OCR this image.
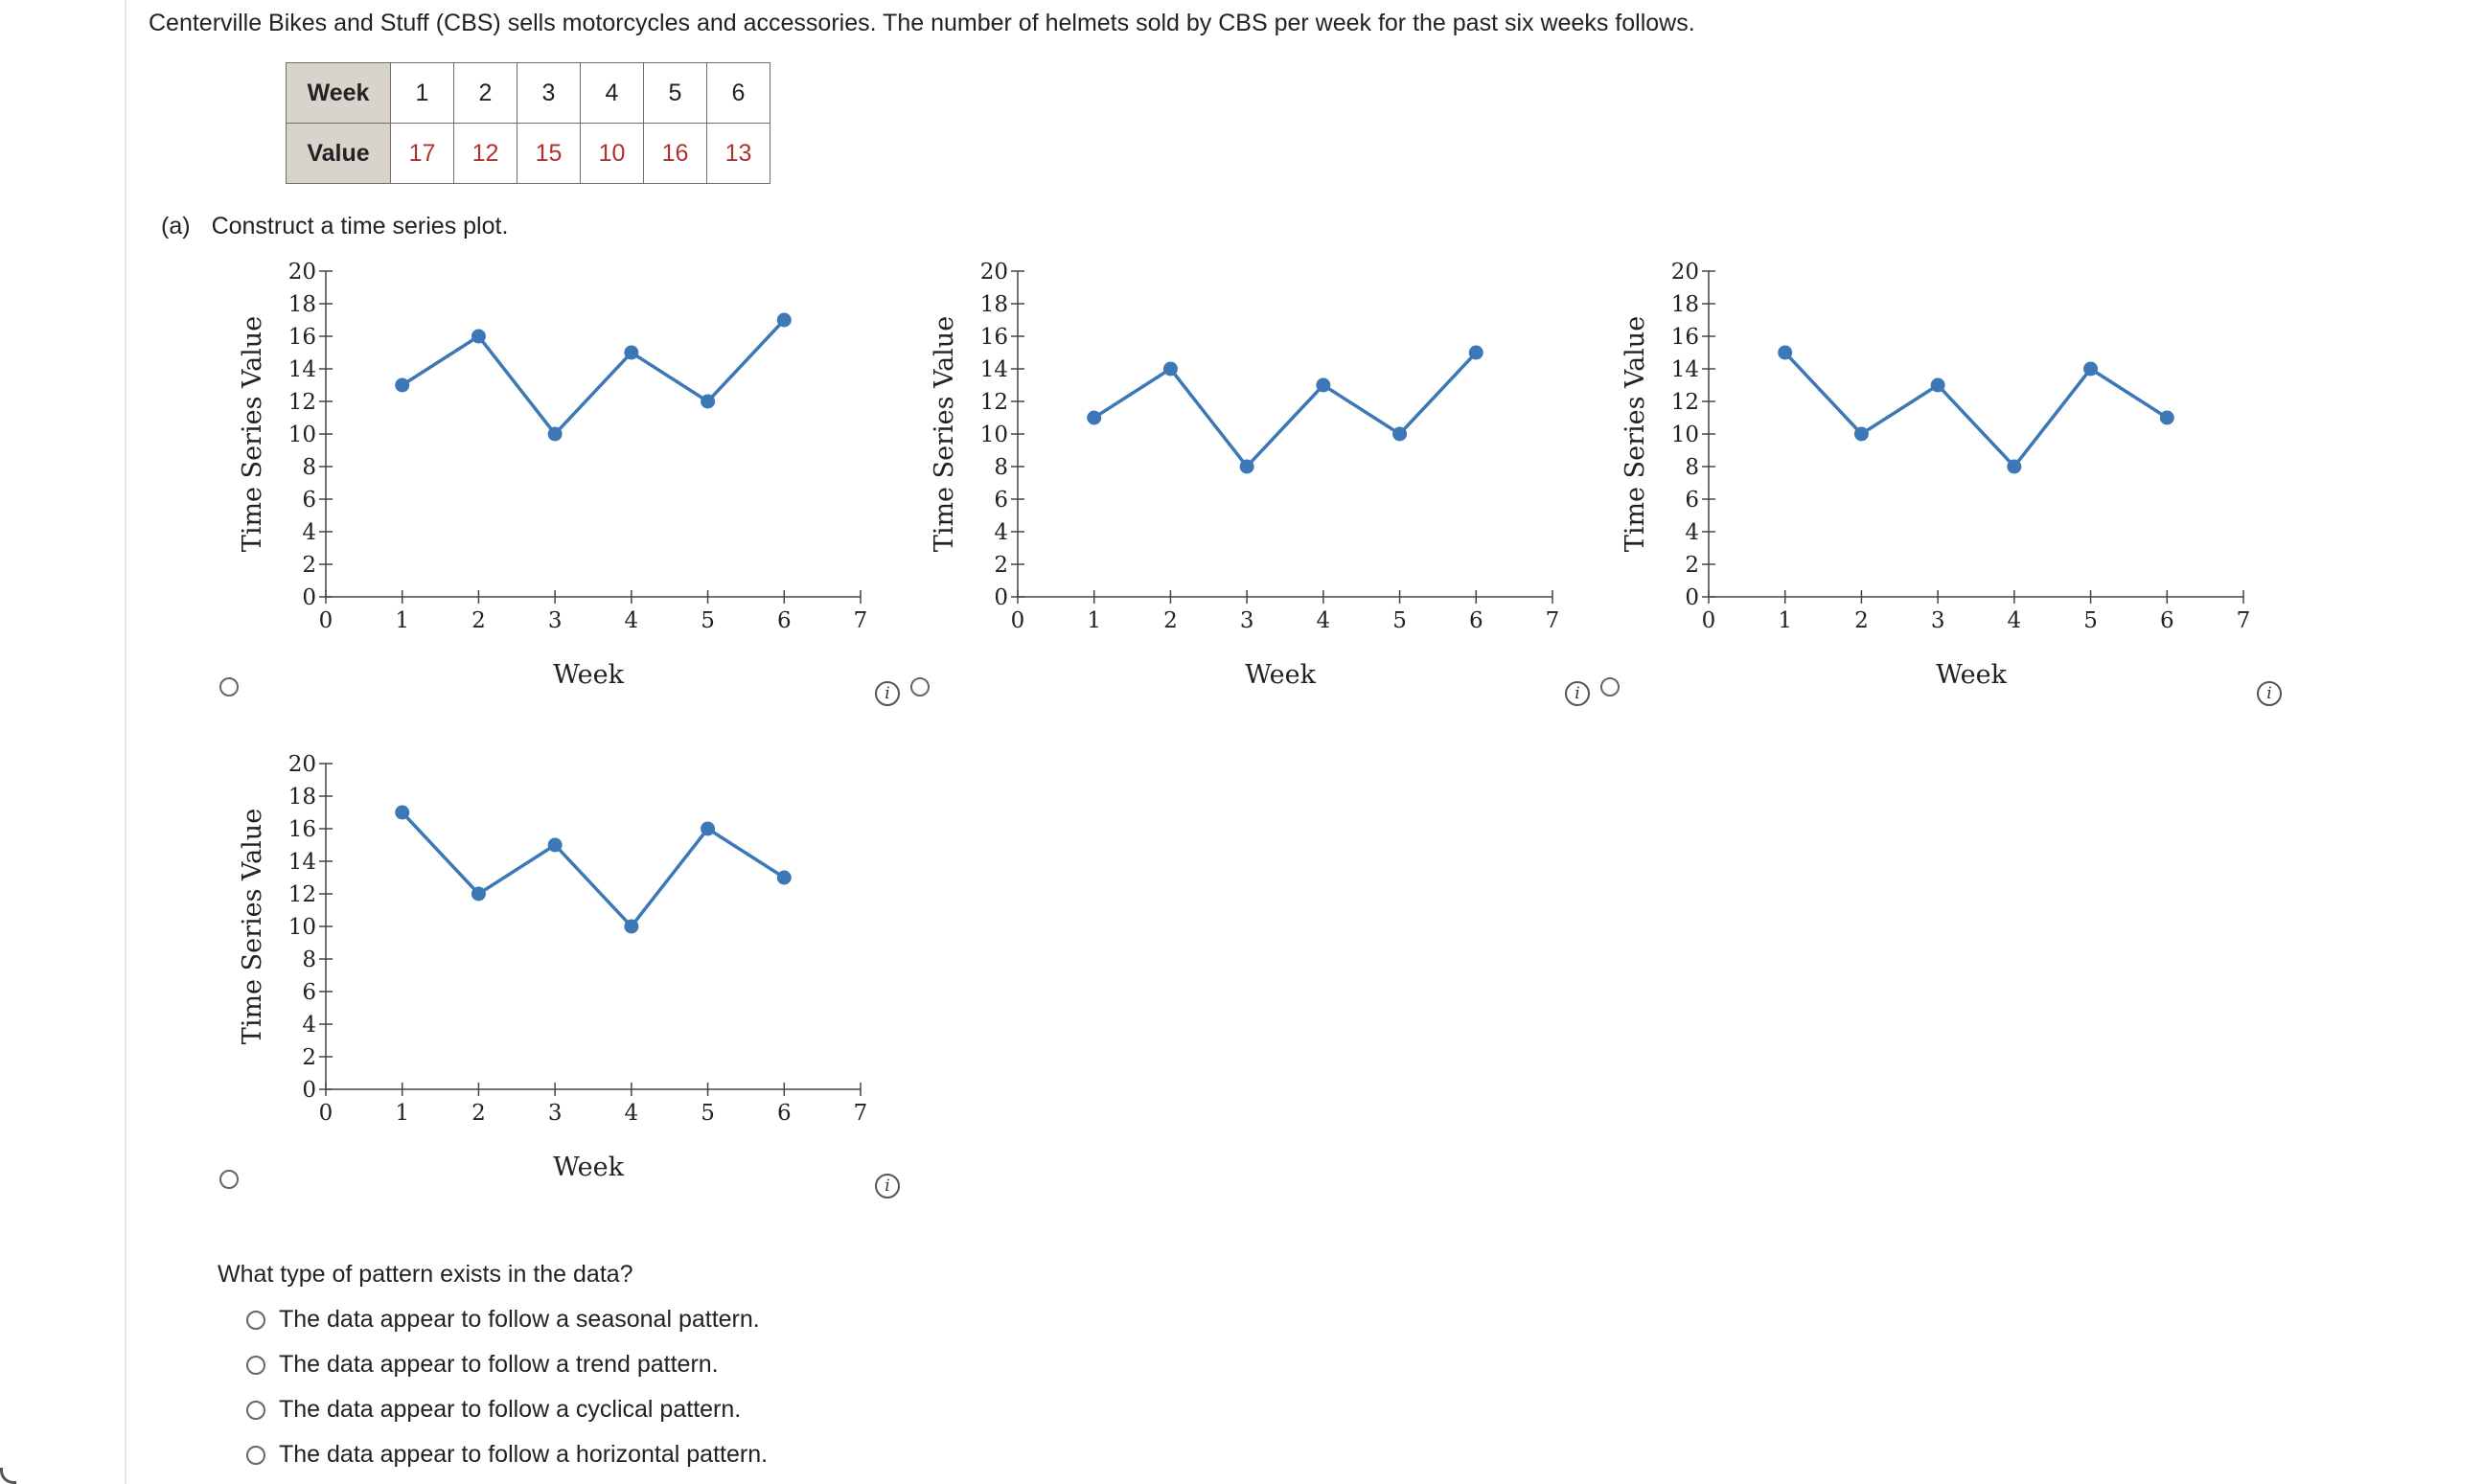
Centerville Bikes and Stuff (CBS) sells motorcycles and accessories. The number of helmets sold by CBS per week for the past six weeks follows.
Week	1	2	3	4	5	6
Value	17	12	15	10	16	13
(a) Construct a time series plot.
0
2
4
6
8
10
12
14
16
18
20
0	1	2	3	4	5	6	7
Week
Time Series Value
i
0
2
4
6
8
10
12
14
16
18
20
0	1	2	3	4	5	6	7
Week
Time Series Value
i
0
2
4
6
8
10
12
14
16
18
20
0	1	2	3	4	5	6	7
Week
Time Series Value
i
0
2
4
6
8
10
12
14
16
18
20
0	1	2	3	4	5	6	7
Week
Time Series Value
i
What type of pattern exists in the data?
The data appear to follow a seasonal pattern.
The data appear to follow a trend pattern.
The data appear to follow a cyclical pattern.
The data appear to follow a horizontal pattern.
